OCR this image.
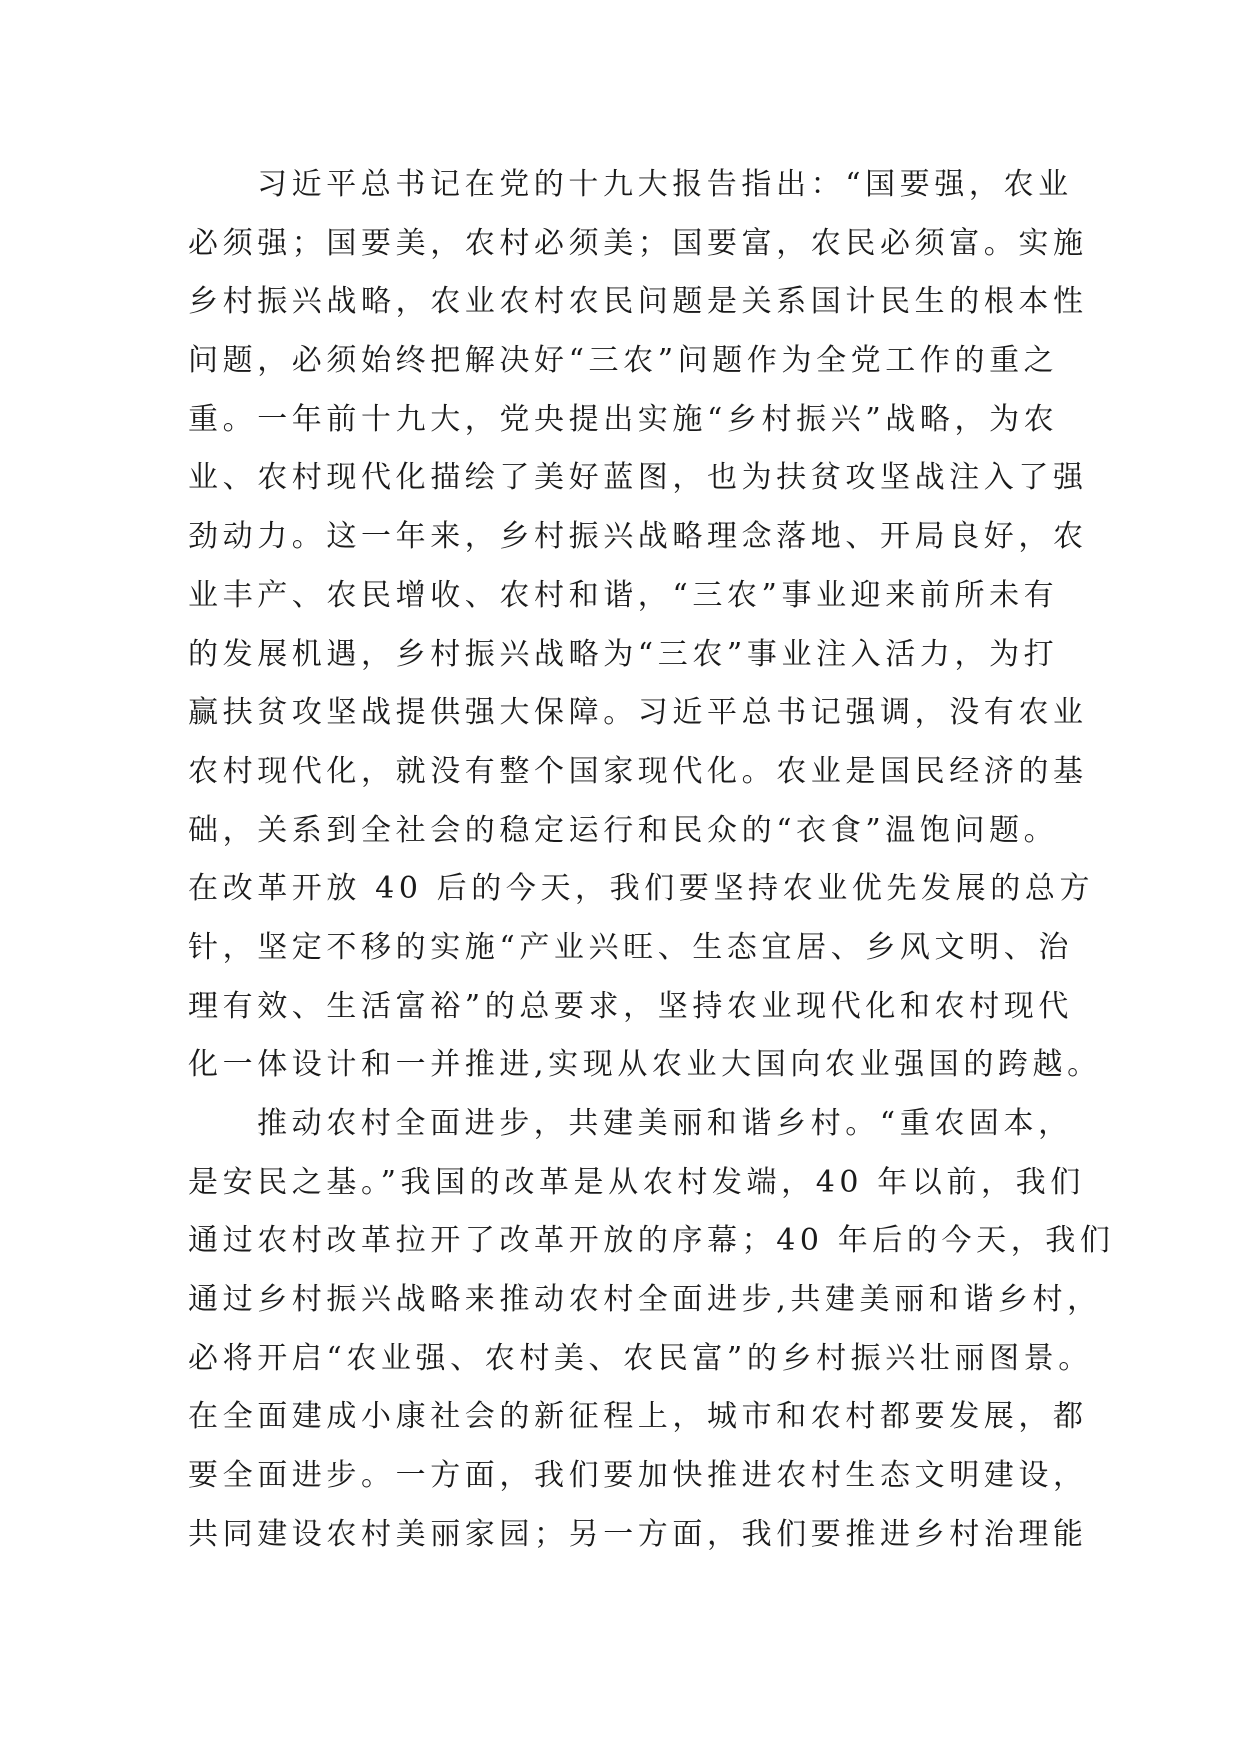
习近平总书记在党的十九大报告指出：“国要强，农业
必须强；国要美，农村必须美；国要富，农民必须富。实施
乡村振兴战略，农业农村农民问题是关系国计民生的根本性
问题，必须始终把解决好“三农”问题作为全党工作的重之
重。一年前十九大，党央提出实施“乡村振兴”战略，为农
业、农村现代化描绘了美好蓝图，也为扶贫攻坚战注入了强
劲动力。这一年来，乡村振兴战略理念落地、开局良好，农
业丰产、农民增收、农村和谐，“三农”事业迎来前所未有
的发展机遇，乡村振兴战略为“三农”事业注入活力，为打
赢扶贫攻坚战提供强大保障。习近平总书记强调，没有农业
农村现代化，就没有整个国家现代化。农业是国民经济的基
础，关系到全社会的稳定运行和民众的“衣食”温饱问题。
在改革开放 40 后的今天，我们要坚持农业优先发展的总方
针，坚定不移的实施“产业兴旺、生态宜居、乡风文明、治
理有效、生活富裕”的总要求，坚持农业现代化和农村现代
化一体设计和一并推进,实现从农业大国向农业强国的跨越。
推动农村全面进步，共建美丽和谐乡村。“重农固本，
是安民之基。”我国的改革是从农村发端，40 年以前，我们
通过农村改革拉开了改革开放的序幕；40 年后的今天，我们
通过乡村振兴战略来推动农村全面进步,共建美丽和谐乡村，
必将开启“农业强、农村美、农民富”的乡村振兴壮丽图景。
在全面建成小康社会的新征程上，城市和农村都要发展，都
要全面进步。一方面，我们要加快推进农村生态文明建设，
共同建设农村美丽家园；另一方面，我们要推进乡村治理能
